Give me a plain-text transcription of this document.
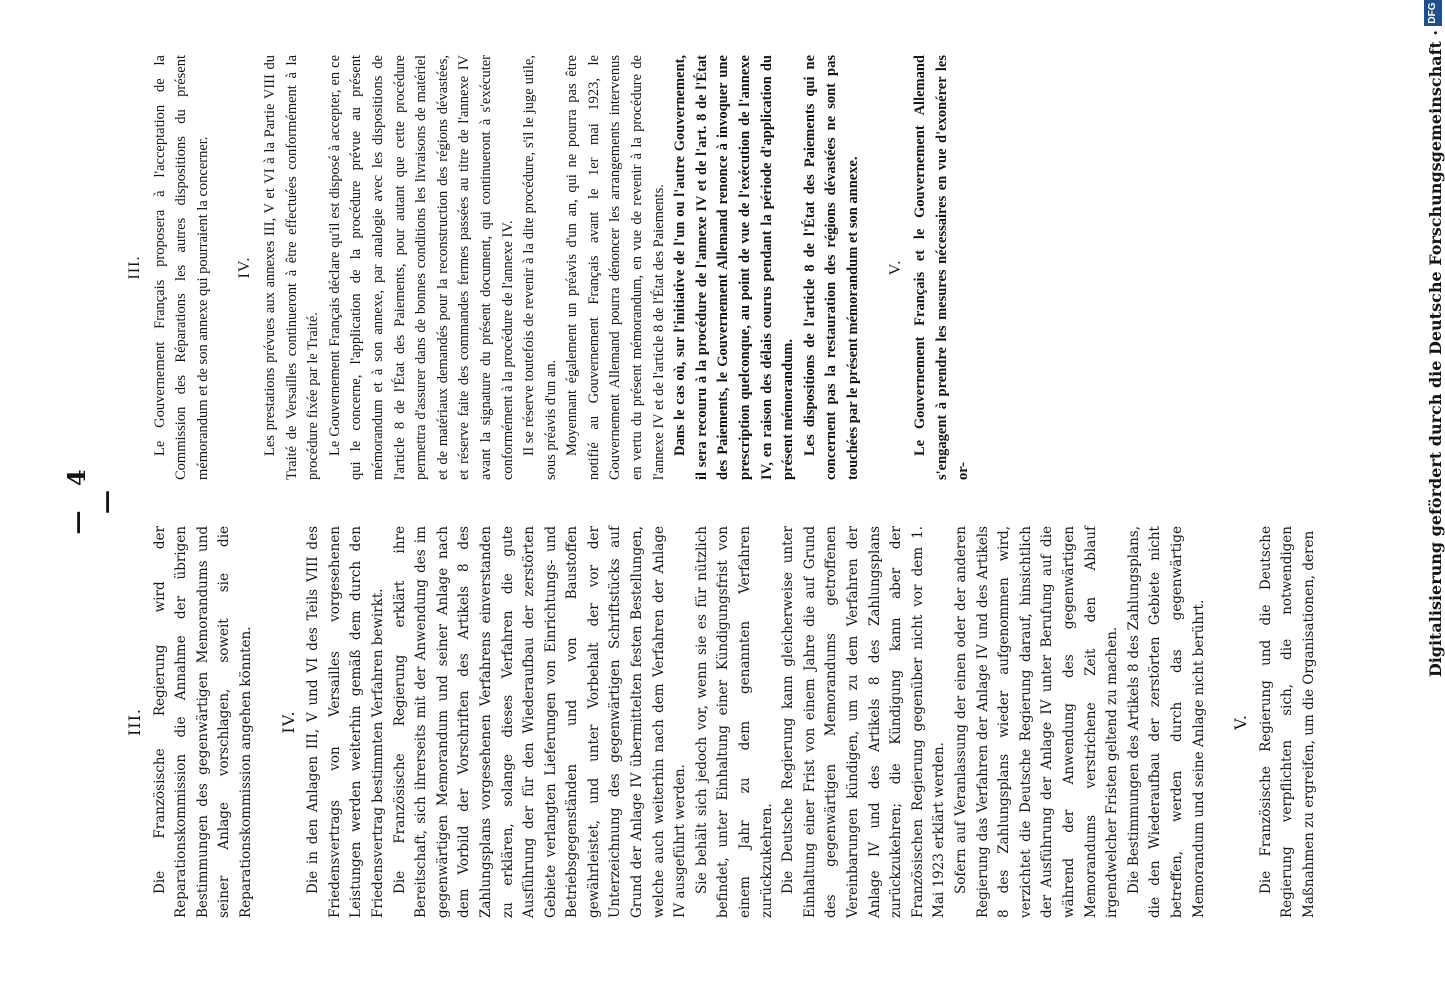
— 4 —
III. Die Französische Regierung wird der Reparationskommission die Annahme der übrigen Bestimmungen des gegenwärtigen Memorandums und seiner Anlage vorschlagen, soweit sie die Reparationskommission angehen könnten. IV. Die in den Anlagen III, V und VI des Teils VIII des Friedensvertrags von Versailles vorgesehenen Leistungen werden weiterhin gemäß dem durch den Friedensvertrag bestimmten Verfahren bewirkt. Die Französische Regierung erklärt ihre Bereitschaft, sich ihrerseits mit der Anwendung des im gegenwärtigen Memorandum und seiner Anlage nach dem Vorbild der Vorschriften des Artikels 8 des Zahlungsplans vorgesehenen Verfahrens einverstanden zu erklären, solange dieses Verfahren die gute Ausführung der für den Wiederaufbau der zerstörten Gebiete verlangten Lieferungen von Einrichtungs- und Betriebsgegenständen und von Baustoffen gewährleistet, und unter Vorbehalt der vor der Unterzeichnung des gegenwärtigen Schriftstücks auf Grund der Anlage IV übermittelten festen Bestellungen, welche auch weiterhin nach dem Verfahren der Anlage IV ausgeführt werden. Sie behält sich jedoch vor, wenn sie es für nützlich befindet, unter Einhaltung einer Kündigungsfrist von einem Jahr zu dem genannten Verfahren zurückzukehren. Die Deutsche Regierung kann gleicherweise unter Einhaltung einer Frist von einem Jahre die auf Grund des gegenwärtigen Memorandums getroffenen Vereinbarungen kündigen, um zu dem Verfahren der Anlage IV und des Artikels 8 des Zahlungsplans zurückzukehren; die Kündigung kann aber der Französischen Regierung gegenüber nicht vor dem 1. Mai 1923 erklärt werden. Sofern auf Veranlassung der einen oder der anderen Regierung das Verfahren der Anlage IV und des Artikels 8 des Zahlungsplans wieder aufgenommen wird, verzichtet die Deutsche Regierung darauf, hinsichtlich der Ausführung der Anlage IV unter Berufung auf die während der Anwendung des gegenwärtigen Memorandums verstrichene Zeit den Ablauf irgendwelcher Fristen geltend zu machen. Die Bestimmungen des Artikels 8 des Zahlungsplans, die den Wiederaufbau der zerstörten Gebiete nicht betreffen, werden durch das gegenwärtige Memorandum und seine Anlage nicht berührt. V. Die Französische Regierung und die Deutsche Regierung verpflichten sich, die notwendigen Maßnahmen zu ergreifen, um die Organisationen, deren

III. Le Gouvernement Français proposera à l'acceptation de la Commission des Réparations les autres dispositions du présent mémorandum et de son annexe qui pourraient la concerner. IV. Les prestations prévues aux annexes III, V et VI à la Partie VIII du Traité de Versailles continueront à être effectuées conformément à la procédure fixée par le Traité. Le Gouvernement Français déclare qu'il est disposé à accepter, en ce qui le concerne, l'application de la procédure prévue au présent mémorandum et à son annexe, par analogie avec les dispositions de l'article 8 de l'État des Paiements, pour autant que cette procédure permettra d'assurer dans de bonnes conditions les livraisons de matériel et de matériaux demandés pour la reconstruction des régions dévastées, et réserve faite des commandes fermes passées au titre de l'annexe IV avant la signature du présent document, qui continueront à s'exécuter conformément à la procédure de l'annexe IV. Il se réserve toutefois de revenir à la dite procédure, s'il le juge utile, sous préavis d'un an. Moyennant également un préavis d'un an, qui ne pourra pas être notifié au Gouvernement Français avant le 1er mai 1923, le Gouvernement Allemand pourra dénoncer les arrangements intervenus en vertu du présent mémorandum, en vue de revenir à la procédure de l'annexe IV et de l'article 8 de l'État des Paiements. Dans le cas où, sur l'initiative de l'un ou l'autre Gouvernement, il sera recouru à la procédure de l'annexe IV et de l'art. 8 de l'État des Paiements, le Gouvernement Allemand renonce à invoquer une prescription quelconque, au point de vue de l'exécution de l'annexe IV, en raison des délais courus pendant la période d'application du présent mémorandum. Les dispositions de l'article 8 de l'État des Paiements qui ne concernent pas la restauration des régions dévastées ne sont pas touchées par le présent mémorandum et son annexe. V. Le Gouvernement Français et le Gouvernement Allemand s'engagent à prendre les mesures nécessaires en vue d'exonérer les or-	Digitalisierung gefördert durch die Deutsche Forschungsgemeinschaft ·
DFG
